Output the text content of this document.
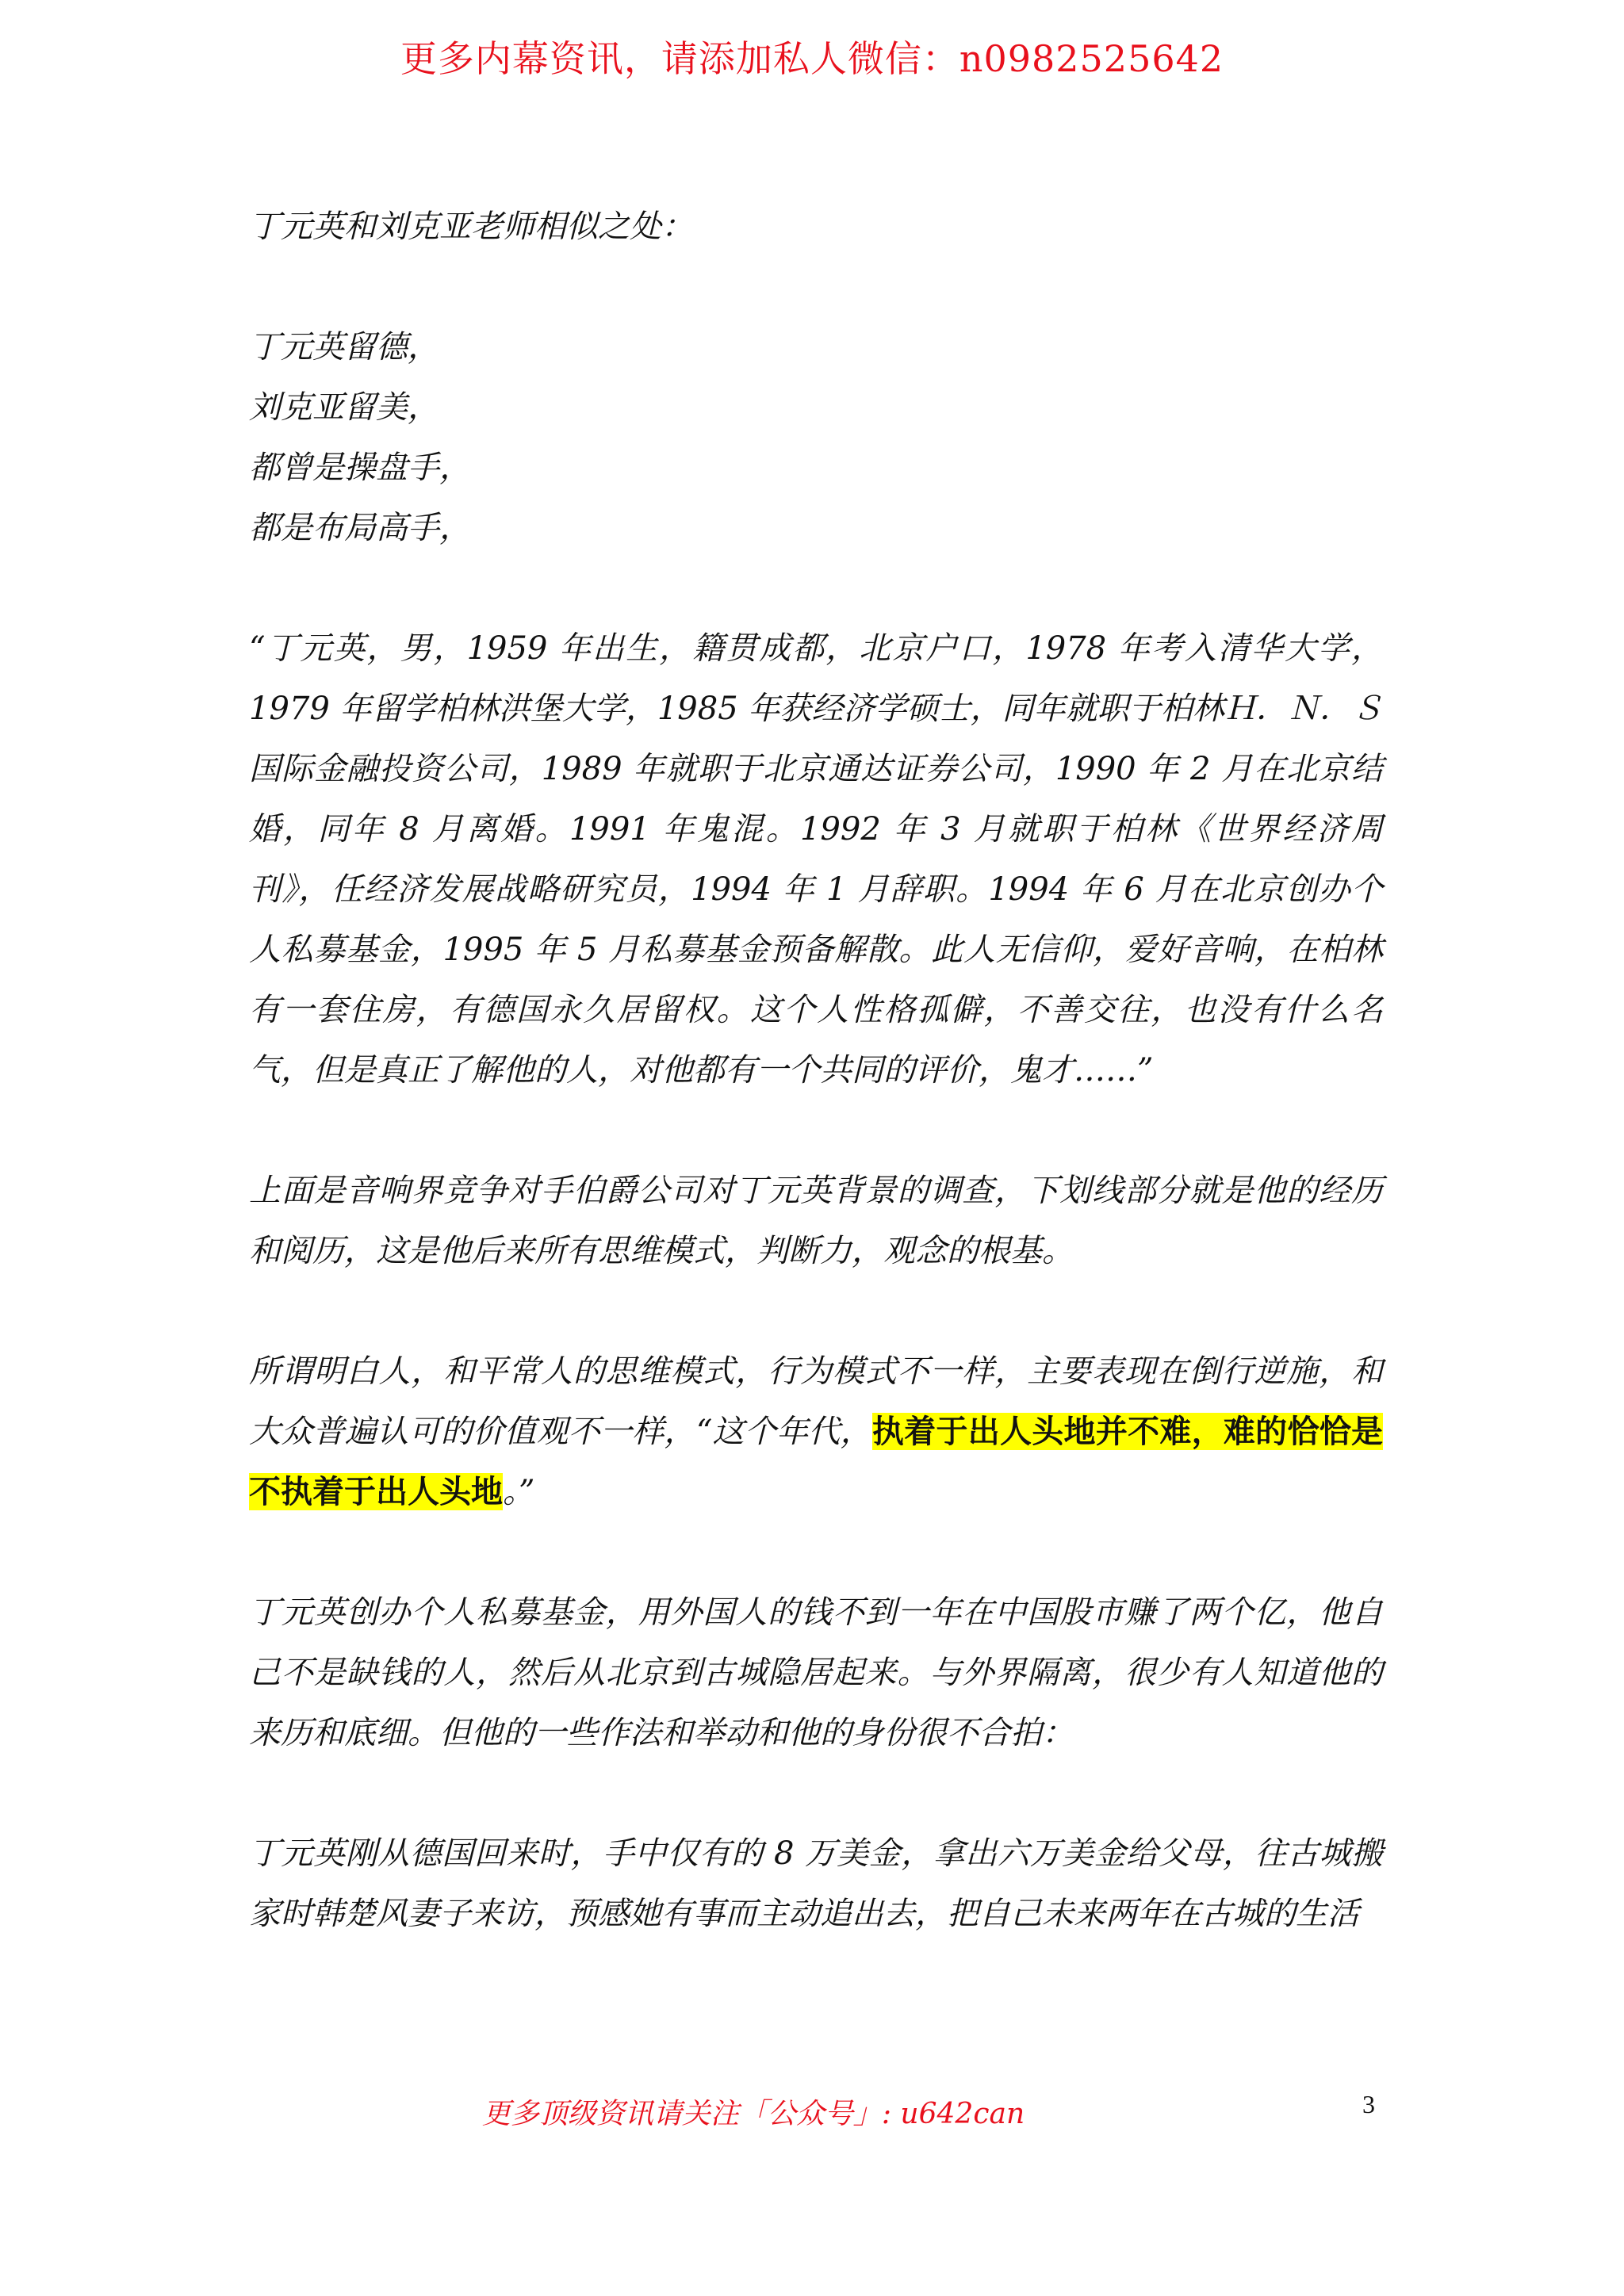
更多内幕资讯，请添加私人微信：n0982525642

丁元英和刘克亚老师相似之处：

丁元英留德，

刘克亚留美，

都曾是操盘手，

都是布局高手，

“丁元英，男，1959 年出生，籍贯成都，北京户口，1978 年考入清华大学，1979 年留学柏林洪堡大学，1985 年获经济学硕士，同年就职于柏林Ｈ．Ｎ．Ｓ国际金融投资公司，1989 年就职于北京通达证券公司，1990 年 2 月在北京结婚，同年 8 月离婚。1991 年鬼混。1992 年 3 月就职于柏林《世界经济周刊》，任经济发展战略研究员，1994 年 1 月辞职。1994 年 6 月在北京创办个人私募基金，1995 年 5 月私募基金预备解散。此人无信仰，爱好音响，在柏林有一套住房，有德国永久居留权。这个人性格孤僻，不善交往，也没有什么名气，但是真正了解他的人，对他都有一个共同的评价，鬼才……”

上面是音响界竞争对手伯爵公司对丁元英背景的调查，下划线部分就是他的经历和阅历，这是他后来所有思维模式，判断力，观念的根基。

所谓明白人，和平常人的思维模式，行为模式不一样，主要表现在倒行逆施，和大众普遍认可的价值观不一样，“这个年代，执着于出人头地并不难，难的恰恰是不执着于出人头地。”

丁元英创办个人私募基金，用外国人的钱不到一年在中国股市赚了两个亿，他自己不是缺钱的人，然后从北京到古城隐居起来。与外界隔离，很少有人知道他的来历和底细。但他的一些作法和举动和他的身份很不合拍：

丁元英刚从德国回来时，手中仅有的 8 万美金，拿出六万美金给父母，往古城搬家时韩楚风妻子来访，预感她有事而主动追出去，把自己未来两年在古城的生活

更多顶级资讯请关注「公众号」: u642can	3
